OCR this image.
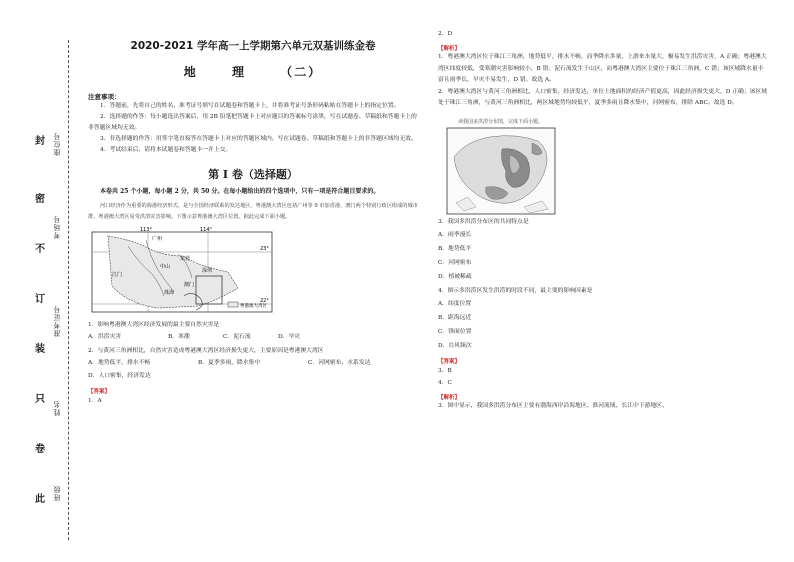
封
密
不
订
装
只
卷
此
座位号
考场号
准考证号
姓名
班级
2020-2021 学年高一上学期第六单元双基训练金卷
地 理 （二）
注意事项：
1．答题前，先将自己的姓名、准考证号填写在试题卷和答题卡上，并将准考证号条形码粘贴在答题卡上的指定位置。
2．选择题的作答：每小题选出答案后，用 2B 铅笔把答题卡上对应题目的答案标号涂黑，写在试题卷、草稿纸和答题卡上的非答题区域均无效。
3．非选择题的作答：用签字笔直接答在答题卡上对应的答题区域内。写在试题卷、草稿纸和答题卡上的非答题区域均无效。
4．考试结束后，请将本试题卷和答题卡一并上交。
第 Ⅰ 卷（选择题）
本卷共 25 个小题，每小题 2 分，共 50 分。在每小题给出的四个选项中，只有一项是符合题目要求的。
河口经济作为重要的海港经济形式，是与全国经济联系的发达地区。粤港澳大湾区包括广州等 9 市加香港、澳门两个特别行政区组成的城市群。粤港澳大湾区易受洪涝灾害影响。下图示意粤港澳大湾区位置。据此完成下面小题。
113°	114°
23°
22°
广州
东莞
深圳
江门
珠海
澳门
中山
粤港澳大湾区
1．影响粤港澳大湾区经济发展的最主要自然灾害是
A．洪涝灾害	B．寒潮	C．泥石流	D．旱灾
2．与黄河三角洲相比，自然灾害造成粤港澳大湾区经济损失更大，主要原因是粤港澳大湾区
A．地势低平，排水不畅	B．夏季多雨，降水集中	C．河网密布，水系发达
D．人口密集，经济发达
【答案】
1．A
2．D
【解析】
1．粤港澳大湾区位于珠江三角洲，地势低平，排水不畅，而季降水多量，上游来水量大，极易发生洪涝灾害，A 正确；粤港澳大湾区纬度较低，受寒潮灾害影响较小，B 错；泥石流发生于山区，而粤港澳大湾区主要位于珠江三角洲，C 错；该区域降水量丰富且雨季长，旱灾不易发生，D 错。故选 A。
2．粤港澳大湾区与黄河三角洲相比，人口密集，经济发达，单位土地面积的经济产值更高，因此经济损失更大，D 正确；该区域处于珠江三角洲，与黄河三角洲相比，两区域地势均较低平，夏季多雨且降水集中，河网密布，排除 ABC。故选 D。
读我国多洪涝分布图，完成下面小题。
3．我国多洪涝分布区的共同特点是
A．雨季漫长
B．地势低平
C．河网密布
D．植被稀疏
4．图示多洪涝区发生洪涝的时段不同，最主要的影响因素是
A．纬度位置
B．距海远近
C．锋面位置
D．台风频次
【答案】
3．B
4．C
【解析】
3．图中显示，我国多洪涝分布区主要有渤海西岸沿海地区、淮河流域、长江中下游地区、
